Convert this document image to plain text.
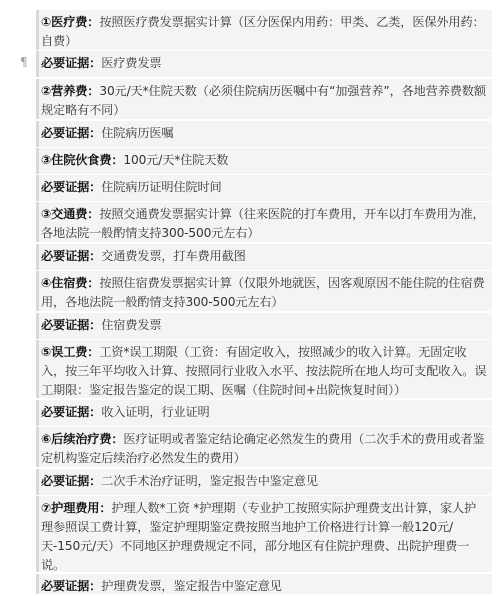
¶
①医疗费：按照医疗费发票据实计算（区分医保内用药：甲类、乙类，医保外用药：自费）
必要证据：医疗费发票
②营养费：30元/天*住院天数（必须住院病历医嘱中有“加强营养”，各地营养费数额规定略有不同）
必要证据：住院病历医嘱
③住院伙食费：100元/天*住院天数
必要证据：住院病历证明住院时间
③交通费：按照交通费发票据实计算（往来医院的打车费用，开车以打车费用为准，各地法院一般酌情支持300-500元左右）
必要证据：交通费发票，打车费用截图
④住宿费：按照住宿费发票据实计算（仅限外地就医，因客观原因不能住院的住宿费用，各地法院一般酌情支持300-500元左右）
必要证据：住宿费发票
⑤误工费：工资*误工期限（工资：有固定收入，按照减少的收入计算。无固定收入，按三年平均收入计算、按照同行业收入水平、按法院所在地人均可支配收入。误工期限：鉴定报告鉴定的误工期、医嘱（住院时间+出院恢复时间））
必要证据：收入证明，行业证明
⑥后续治疗费：医疗证明或者鉴定结论确定必然发生的费用（二次手术的费用或者鉴定机构鉴定后续治疗必然发生的费用）
必要证据：二次手术治疗证明，鉴定报告中鉴定意见
⑦护理费用：护理人数*工资 *护理期（专业护工按照实际护理费支出计算，家人护理参照误工费计算，鉴定护理期鉴定费按照当地护工价格进行计算一般120元/天-150元/天）不同地区护理费规定不同，部分地区有住院护理费、出院护理费一说。
必要证据：护理费发票，鉴定报告中鉴定意见
